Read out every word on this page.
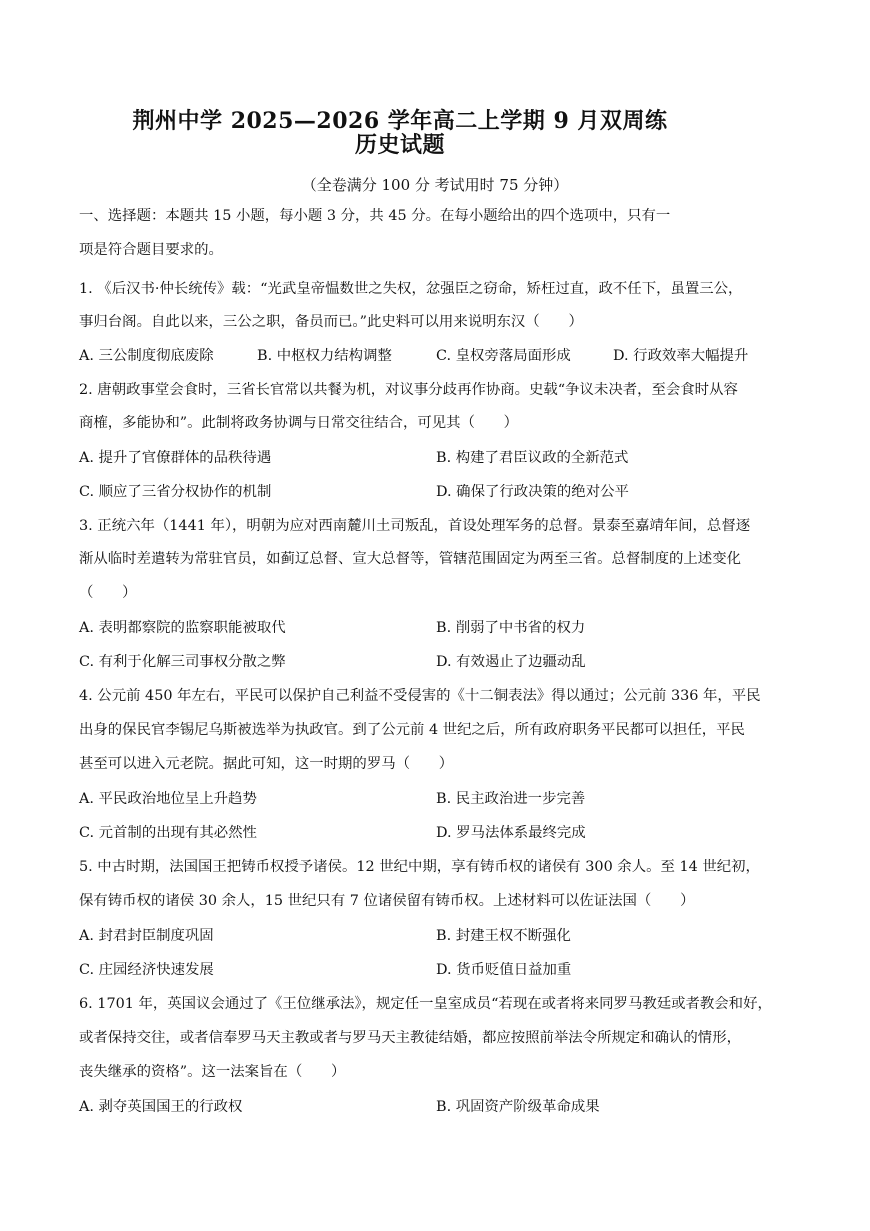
荆州中学 2025—2026 学年高二上学期 9 月双周练
历史试题
（全卷满分 100 分 考试用时 75 分钟）
一、选择题：本题共 15 小题，每小题 3 分，共 45 分。在每小题给出的四个选项中，只有一
项是符合题目要求的。
1. 《后汉书·仲长统传》载：“光武皇帝愠数世之失权，忿强臣之窃命，矫枉过直，政不任下，虽置三公，
事归台阁。自此以来，三公之职，备员而已。”此史料可以用来说明东汉（　　）
A. 三公制度彻底废除	B. 中枢权力结构调整	C. 皇权旁落局面形成	D. 行政效率大幅提升
2. 唐朝政事堂会食时，三省长官常以共餐为机，对议事分歧再作协商。史载“争议未决者，至会食时从容
商榷，多能协和”。此制将政务协调与日常交往结合，可见其（　　）
A. 提升了官僚群体的品秩待遇	B. 构建了君臣议政的全新范式
C. 顺应了三省分权协作的机制	D. 确保了行政决策的绝对公平
3. 正统六年（1441 年），明朝为应对西南麓川土司叛乱，首设处理军务的总督。景泰至嘉靖年间，总督逐
渐从临时差遣转为常驻官员，如蓟辽总督、宣大总督等，管辖范围固定为两至三省。总督制度的上述变化
（　　）
A. 表明都察院的监察职能被取代	B. 削弱了中书省的权力
C. 有利于化解三司事权分散之弊	D. 有效遏止了边疆动乱
4. 公元前 450 年左右，平民可以保护自己利益不受侵害的《十二铜表法》得以通过；公元前 336 年，平民
出身的保民官李锡尼乌斯被选举为执政官。到了公元前 4 世纪之后，所有政府职务平民都可以担任，平民
甚至可以进入元老院。据此可知，这一时期的罗马（　　）
A. 平民政治地位呈上升趋势	B. 民主政治进一步完善
C. 元首制的出现有其必然性	D. 罗马法体系最终完成
5. 中古时期，法国国王把铸币权授予诸侯。12 世纪中期，享有铸币权的诸侯有 300 余人。至 14 世纪初，
保有铸币权的诸侯 30 余人，15 世纪只有 7 位诸侯留有铸币权。上述材料可以佐证法国（　　）
A. 封君封臣制度巩固	B. 封建王权不断强化
C. 庄园经济快速发展	D. 货币贬值日益加重
6. 1701 年，英国议会通过了《王位继承法》，规定任一皇室成员“若现在或者将来同罗马教廷或者教会和好，
或者保持交往，或者信奉罗马天主教或者与罗马天主教徒结婚，都应按照前举法令所规定和确认的情形，
丧失继承的资格”。这一法案旨在（　　）
A. 剥夺英国国王的行政权	B. 巩固资产阶级革命成果
